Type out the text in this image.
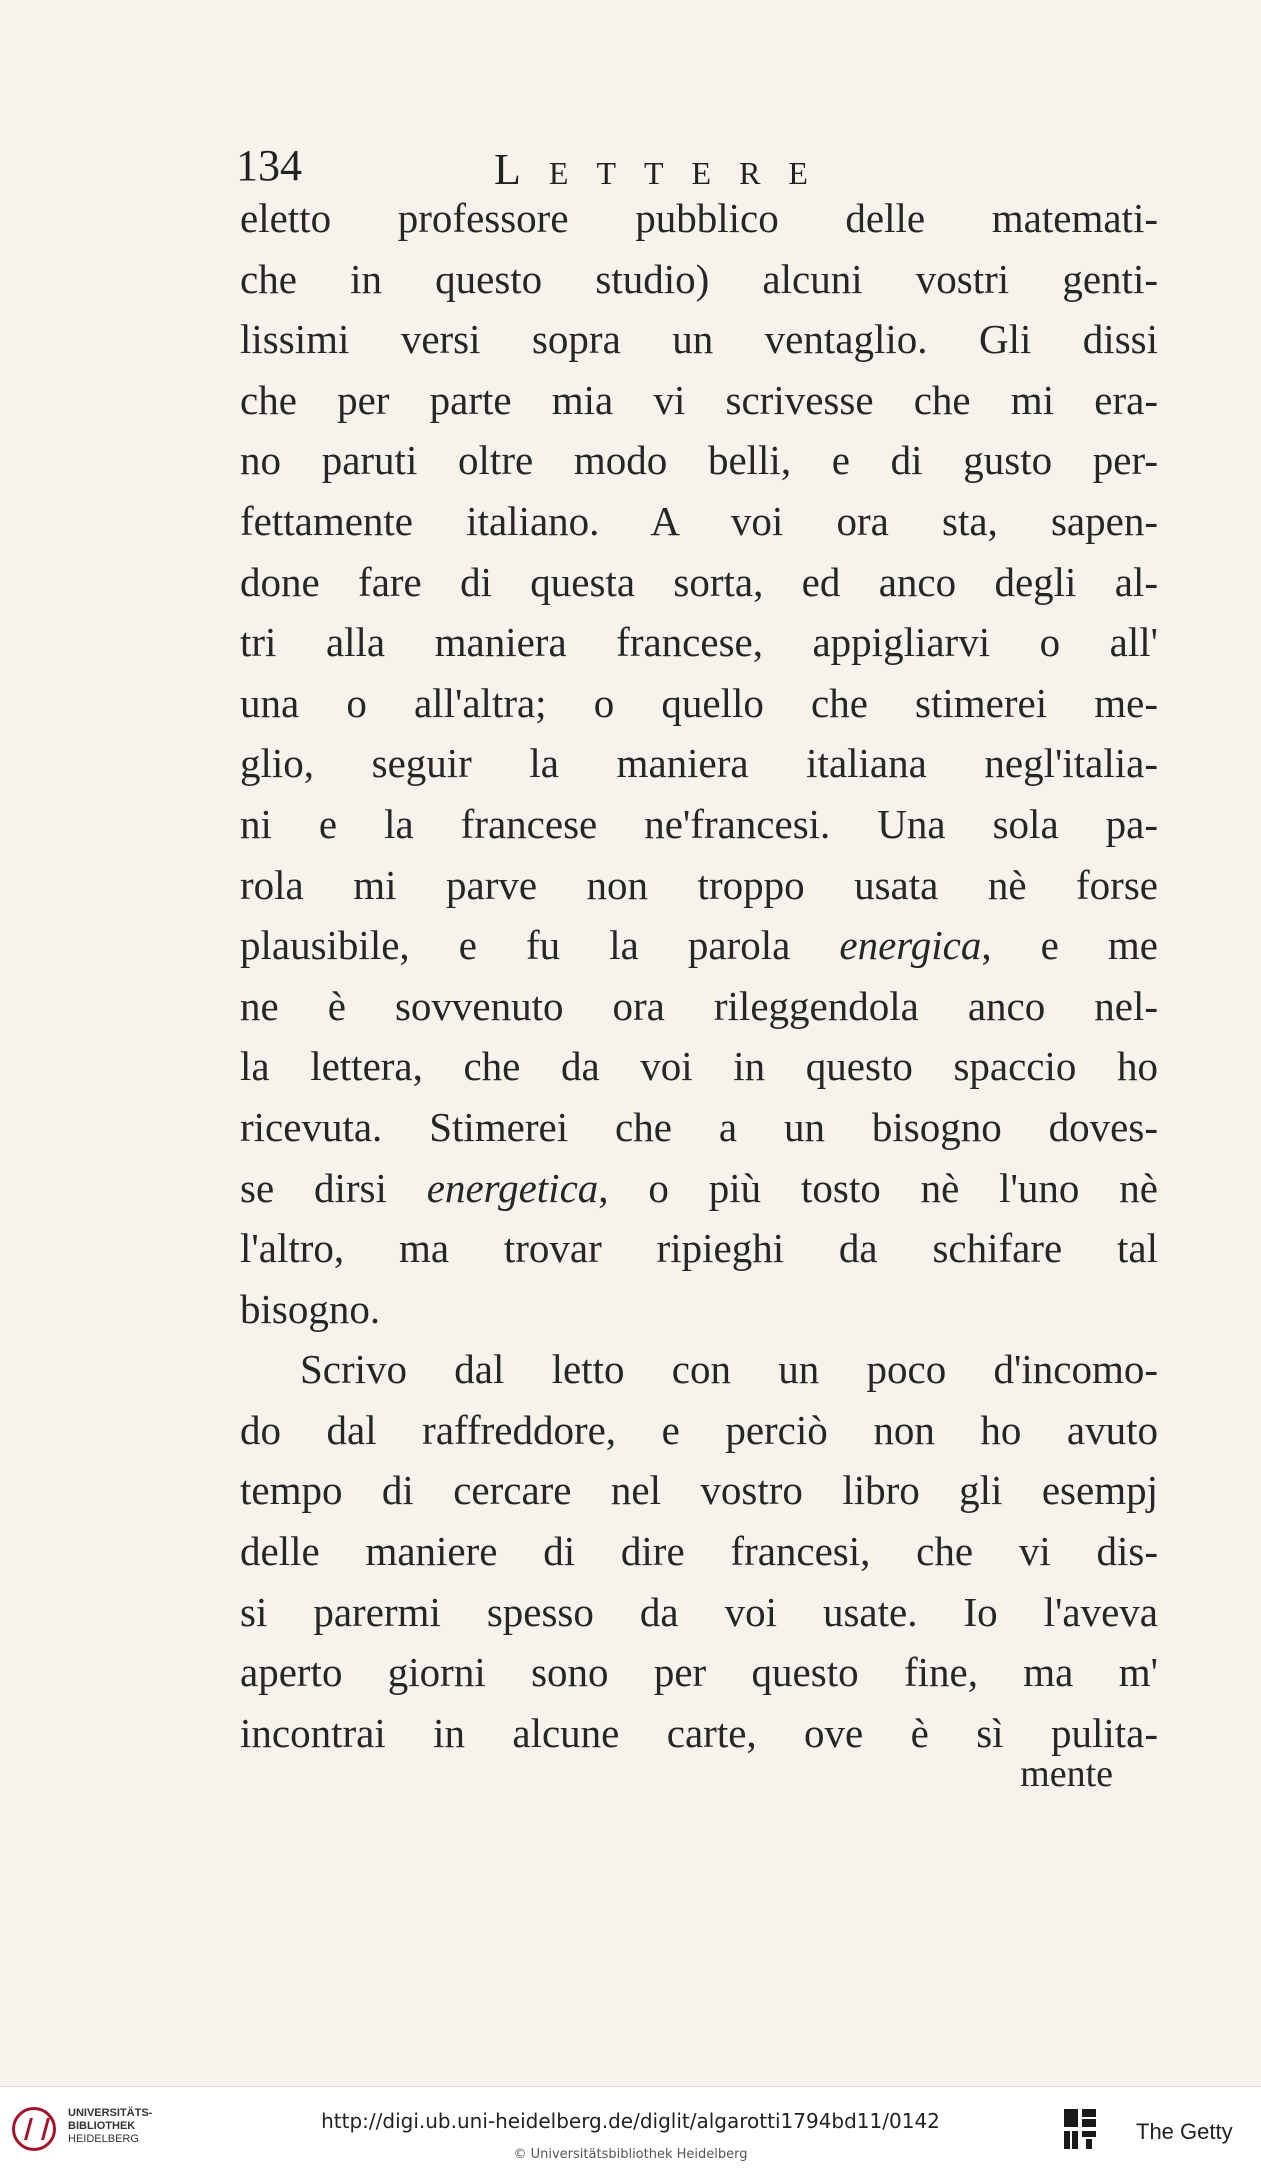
134	LETTERE
eletto professore pubblico delle matemati-
che in questo studio) alcuni vostri genti-
lissimi versi sopra un ventaglio. Gli dissi
che per parte mia vi scrivesse che mi era-
no paruti oltre modo belli, e di gusto per-
fettamente italiano. A voi ora sta, sapen-
done fare di questa sorta, ed anco degli al-
tri alla maniera francese, appigliarvi o all'
una o all'altra; o quello che stimerei me-
glio, seguir la maniera italiana negl'italia-
ni e la francese ne'francesi. Una sola pa-
rola mi parve non troppo usata nè forse
plausibile, e fu la parola energica, e me
ne è sovvenuto ora rileggendola anco nel-
la lettera, che da voi in questo spaccio ho
ricevuta. Stimerei che a un bisogno doves-
se dirsi energetica, o più tosto nè l'uno nè
l'altro, ma trovar ripieghi da schifare tal
bisogno.
Scrivo dal letto con un poco d'incomo-
do dal raffreddore, e perciò non ho avuto
tempo di cercare nel vostro libro gli esempj
delle maniere di dire francesi, che vi dis-
si parermi spesso da voi usate. Io l'aveva
aperto giorni sono per questo fine, ma m'
incontrai in alcune carte, ove è sì pulita-
mente
UNIVERSITÄTS-
BIBLIOTHEK
HEIDELBERG
http://digi.ub.uni-heidelberg.de/diglit/algarotti1794bd11/0142
© Universitätsbibliothek Heidelberg
The Getty
